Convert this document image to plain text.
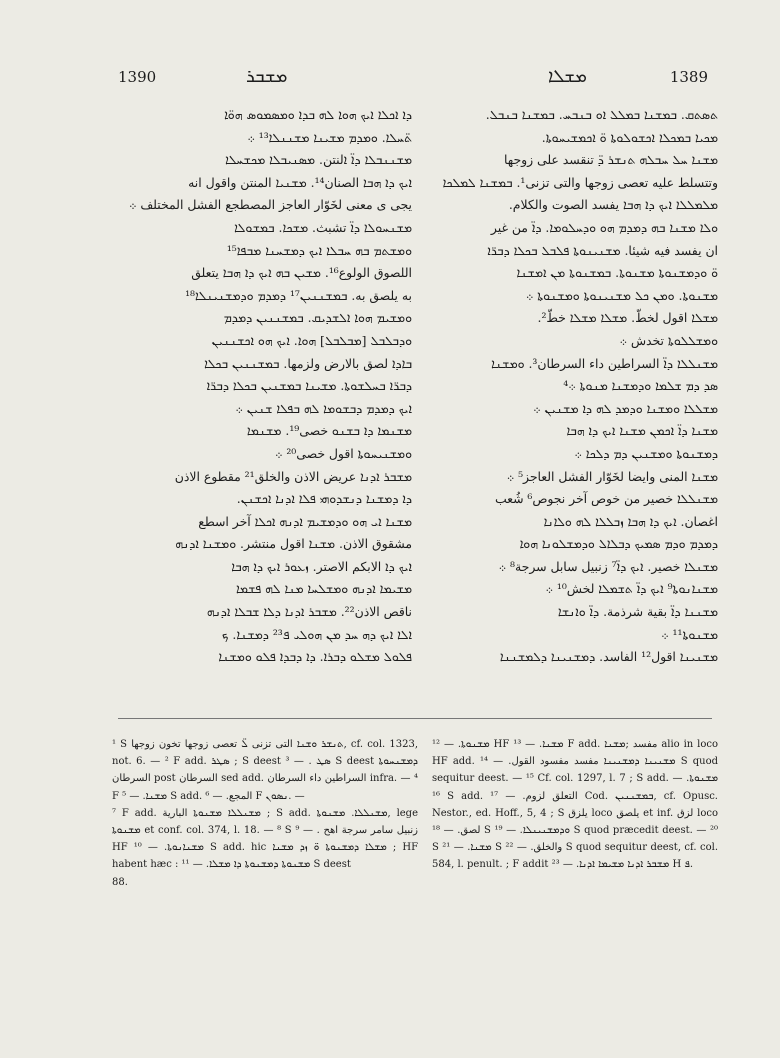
1390	ܡܫܒܪ	ܡܫܠܐ	1389

ܕܐ ܐܟܠܐ ܐܝܟ ܗܘܐ ܠܗ ܒܕܐ ܘܡܣܡܘܣ ܗܘ̈ܐ

ܬ̈ܚܠܐ. ܘܡܕܡ ܡܫܝܢܐ ܡܫܢܢܠܐ¹³ ܀

ܡܫܢܢܒܠܐ ܕܐ̈ ܐلنتن. ܡܣܢܝܒܠܐ ܡܟܫܚܠܐ

ܐܝܟ ܕܐ ܗܒܐ الصنان¹⁴. ܡܫܢܝܐ المنتن واقول انه

يجى ى معنى لخَوّار العاجز المصطجع الفشل المختلف ܀

ܡܫܢܚܘܠܐ ܕܐ̈ تشبث. ܡܫܟܐ. ܒܡܫܘܠܐ

ܘܡܫܬܡ ܒܗ ܚܒܠܐ ܐܝܟ ܕܡܫܚܢܐ ܡܒܦܐ¹⁵

اللصوق الولوع¹⁶. ܡܫܝܢ ܒܗ ܐܝܟ ܕܐ ܗܒܐ يتعلق

به يلصق به. ܒܡܫܢܢܝܢ¹⁷ ܕܡܕܡ ܘܕܡܫܢܝܢܠܐ¹⁸

ܘܡܫܝܡ ܗܘܐ ܐܠܫܕܝܩ. ܒܡܫܢܢܝܢ ܕܡܕܡ

ܘܕܒܠܒܠ [ܡܒܠܒܠ] ܗܘܐ. ܐܝܟ ܗܘ ܐܟܫܢܢܝܢ

ܒܐܕܐ لصق بالارض ولزمها. ܒܡܫܢܢܝܢ ܒܟܠܐ

ܕܒܪ̈ܐ ܒܚܠܫܘܬܐ. ܡܫܝܢܐ ܒܡܫܢܝܢ ܒܟܠܐ ܕܒܪ̈ܐ

ܐܝܟ ܕܡܕܡ ܕܒܫܘܡܐ ܠܗ ܒܦܠܐ ܫܢܝܢ ܀

ܡܫܢܡܐ ܕܐ ܒܫܢܘ خصى¹⁹. ܡܫܢܡܐ

ܘܡܫܢܝܚܘܬܐ اقول خصى²⁰ ܀

ܡܫܒܪ ܐܕܢܐ عريض الاذن والخلق²¹ مقطوع الاذن

ܕܐ ܕܡܫܢܐ ܕܢܫܕܘܗܝ ܦܠܐ ܐܕܢܐ ܐܟܫܢܢ.

ܡܫܢܐ ܐܝ ܗܘ ܘܕܡܫܝܡ ܐܕܢܗ ܐܟܠܐ آخر اسطع

مشقوق الاذن. ܡܫܢܐ اقول منتشر. ܘܡܫܢܐ ܐܕܢܗ

ܐܝܟ ܕܐ الابكم الاصتر. ܙܥܘܪ ܐܝܟ ܕܐ ܗܒܐ

ܡܫܝܡܐ ܐܕܢܗ ܘܡܫܠܚܐ ܡܢܐ ܠܗ ܦܫܡܐ

ناقص الاذن²². ܡܫܒܪ ܐܕܢܐ ܕܠܐ ܫܒܠܐ ܐܕܢܗ

ܐܠܐ ܐܝܟ ܕܗ ܚܕ ܡܢ ܗܘܠܝ ܦ²³ ܕܡܫܢܐ. ܟ

ܦܠܘܠ ܡܫܠܘ ܕܒܪܐ. ܕܐ ܕܒܕܐ ܦܠܘ ܘܡܫܢܐ

ܬܣܬܩ. ܒܡܫܢܐ ܒܡܠܠ ܐܘ ܒܢܒܚ. ܒܡܫܢܐ ܒܢܒܠ.

ܡܟܝܐ ܒܡܟܠܐ ܐܟܫܘܠܘܬܐ ܘ̈ ܐܟܡܫܝܚܘܬܐ.

ܡܫܢܐ ܚܠ ܚܒܠܗ ܬܢܫܪ ܕ̈ تنقسد على زوجها

وتتسلط عليه تعصى زوجها والتى تزنى¹. ܒܡܫܢܐ ܠܡܠܟܐ

ܡܠܡܠܠܐ ܐܝܟ ܕܐ ܗܒܐ يفسد الصوت والكلام.

ܘܠܐ ܡܫܢܐ ܒܗ ܕܡܕܡ ܗܘ ܘܕܚܠܘܡܐ. ܕܐ̈ من غير

ان يفسد فيه شيئا. ܡܫܢܝܢܘܬܐ ܦܠܒܠ ܒܟܠܐ ܕܒܪ̈ܐ

ܘ̈ ܘܕܡܫܢܘܬܐ ܡܫܢܘܬܐ. ܒܡܫܢܘܬܐ ܡܢ ܐܡܫܢܐ

ܡܫܢܘܬܐ. ܘܡܢ ܟܠ ܡܫܢܝܢܘܬܐ ܘܡܫܢܘܬܐ ܀

ܡܫܠܐ اقول لخطّ. ܡܫܠܐ ܡܫܠܐ خطّ².

ܘܡܫܠܠܘܬܐ تخدش ܀

ܡܫܢܠܠܐ ܕܐ̈ السراطين داء السرطان³. ܘܡܫܢܐ

ܣܕ ܕܡ ܫܠܡܐ ܘܕܡܫܢܐ ܡܢܘܬܐ ܀⁴

ܡܫܠܠܐ ܘܡܫܢܐ ܘܕܡܕ ܠܗ ܕܐ ܡܫܢܝܢ ܀

ܡܫܢܐ ܕܐ̈ ܐܟܡܢ ܡܫܢܐ ܐܝܟ ܕܐ ܗܒܐ

ܕܡܫܢܘܬܐ ܘܡܫܢܝܢ ܕܡ ܕܠܟܐ ܀

ܡܫܢܐ المنى وايضا لخَوّار الفشل العاجز⁵ ܀

ܡܫܢܠܠܐ خصير من خوص آخر نجوص⁶ شُعب

اغصان. ܐܝܟ ܕܐ ܗܒܐ ܙܒܠܠܐ ܠܗ ܘܠܐܢܐ

ܕܡܕܡ ܘܕܡ ܣܡܝܟ ܕܒܠܐܠ ܘܕܡܫܠܘܢܐ ܗܘܐ

ܡܫܢܠܐ خصير. ܐܝܟ ܕܐ̈⁷ زنبيل سابل سرجة⁸ ܀

ܡܫܢܐܢܘܬܐ⁹ ܐܝܟ ܕܐ̈ ܬܫܡܠܐ لخش¹⁰ ܀

ܡܫܢܢܐ ܕܐ̈ بقية شرذمة. ܕܐ̈ ܘܐܢܫܐ

ܡܫܢܘܬܐ¹¹ ܀

ܡܫܢܝܢܐ اقول¹² الفاسد. ܕܡܫܢܝܢܐ ܕܠܡܫܢܢܐ

¹ S ܬܢܫܪ ܘܫܢܐ التى تزنى ܠ̈ تعصى زوجها تخون زوجها, cf. col. 1323, not. 6. — ² F add. ܣܛܪ ; S deest ܣܛ . — ³ S deest ܕܡܫܢܚܘܬܐ السرطان post السرطان sed add. السراطين داء السرطان infra. — ⁴ F ܡܫܢܐ. — ⁵ S add. المجع. — ⁶ F ܢܣܘܢ. —

⁷ F add. ܡܫܢܠܠܐ ܡܫܢܘܬܐ البارية ; S add. ܡܫܢܠܠܐ. ܡܫܢܘܬܐ, lege ܡܫܢܘܬܐ et conf. col. 374, l. 18. — ⁸ S زنبيل سامر سرجة اهح . — ⁹ HF ܡܫܢܐܢܘܬܐ. — ¹⁰ S add. hic ܡܫܠܐ ܕܡܫܢܘܬܐ ܘ̈ ܙܕ ܡܫܢܐ ; HF habent hæc : ܡܫܢܘܬܐ ܕܡܫܢܘܬܐ ܕܐ ܡܫܠܐ. — ¹¹ S deest

88.

ܡܫܢܘܬܐ. — ¹² HF ܡܫܢܐ. — ¹³ F add. مفسد ;ܡܫܢܐ alio in loco HF add. ܡܫܢܝܢܐ ܕܡܫܢܝܢܐ مفسد مفسود القول. — ¹⁴ S quod sequitur deest. — ¹⁵ Cf. col. 1297, l. 7 ; S add. ܡܫܢܘܬܐ. — ¹⁶ S add. التعلق لزوم. — ¹⁷ Cod. ܒܡܫܢܢܝܢ, cf. Opusc. Nestor., ed. Hoff., 5, 4 ; S يلزق loco يلصق et inf. لزق loco لصق. — ¹⁸ S ܘܕܡܫܢܝܢܠܐ. — ¹⁹ S quod præcedit deest. — ²⁰ S ܡܫܢܐ. — ²¹ S والخلق. — ²² S quod sequitur deest, cf. col. 584, l. penult. ; F addit ܡܫܒܪ ܐܕܢܐ ܡܫܝܡܐ ܐܕܢܐ. — ²³ H ܦ.
